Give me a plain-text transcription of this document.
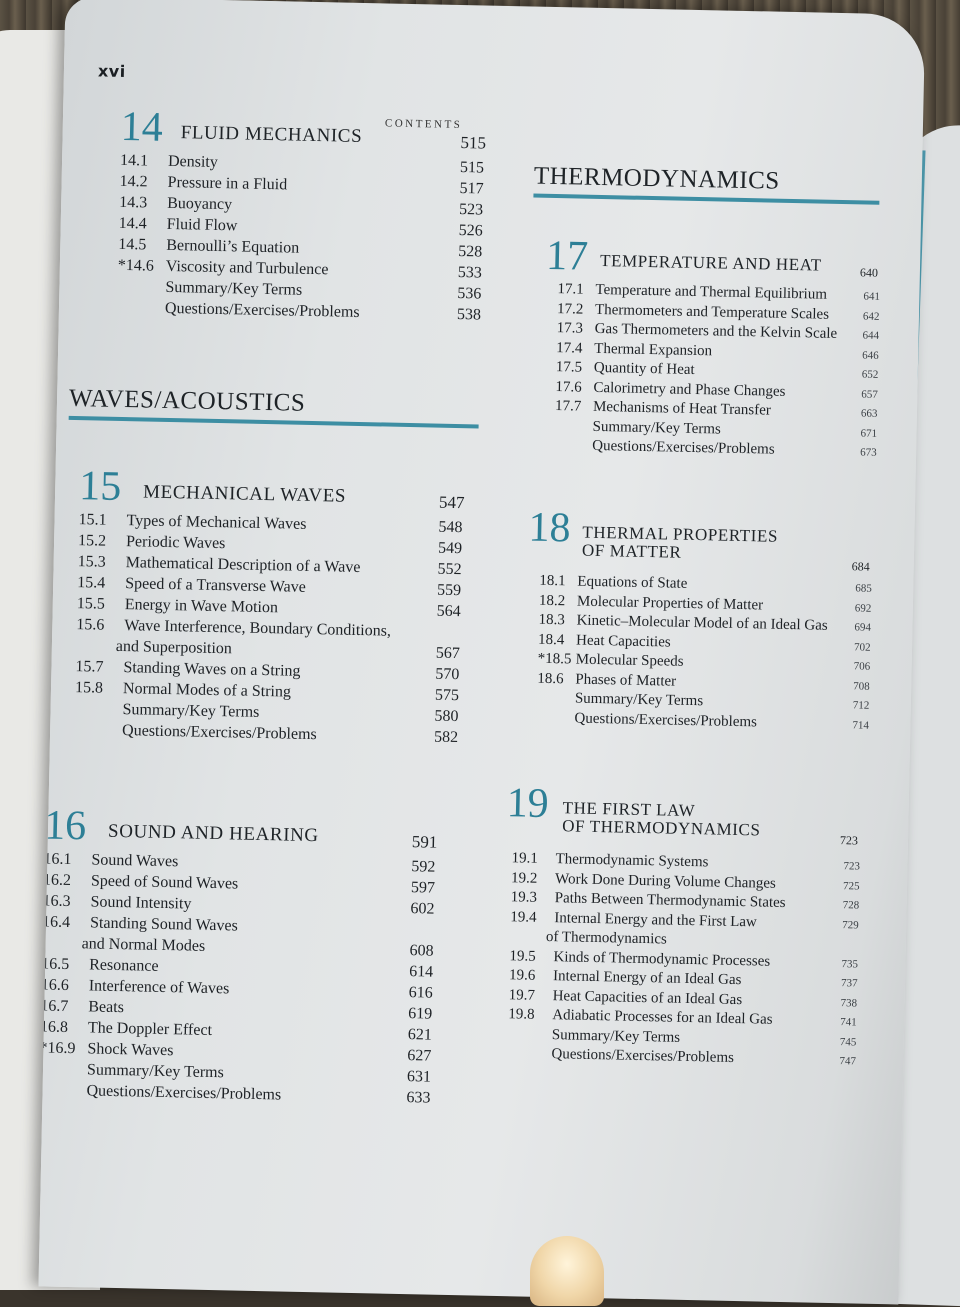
xvi
CONTENTS
14 FLUID MECHANICS	515
14.1 Density	515
14.2 Pressure in a Fluid	517
14.3 Buoyancy	523
14.4 Fluid Flow	526
14.5 Bernoulli’s Equation	528
*14.6 Viscosity and Turbulence	533
Summary/Key Terms	536
Questions/Exercises/Problems	538
WAVES/ACOUSTICS
15 MECHANICAL WAVES	547
15.1 Types of Mechanical Waves	548
15.2 Periodic Waves	549
15.3 Mathematical Description of a Wave	552
15.4 Speed of a Transverse Wave	559
15.5 Energy in Wave Motion	564
15.6 Wave Interference, Boundary Conditions,
and Superposition	567
15.7 Standing Waves on a String	570
15.8 Normal Modes of a String	575
Summary/Key Terms	580
Questions/Exercises/Problems	582
16 SOUND AND HEARING	591
16.1 Sound Waves	592
16.2 Speed of Sound Waves	597
16.3 Sound Intensity	602
16.4 Standing Sound Waves
and Normal Modes	608
16.5 Resonance	614
16.6 Interference of Waves	616
16.7 Beats	619
16.8 The Doppler Effect	621
*16.9 Shock Waves	627
Summary/Key Terms	631
Questions/Exercises/Problems	633
THERMODYNAMICS
17 TEMPERATURE AND HEAT	640
17.1 Temperature and Thermal Equilibrium	641
17.2 Thermometers and Temperature Scales	642
17.3 Gas Thermometers and the Kelvin Scale 644
17.4 Thermal Expansion	646
17.5 Quantity of Heat	652
17.6 Calorimetry and Phase Changes	657
17.7 Mechanisms of Heat Transfer	663
Summary/Key Terms	671
Questions/Exercises/Problems	673
18 THERMAL PROPERTIES
OF MATTER
684
18.1 Equations of State	685
18.2 Molecular Properties of Matter	692
18.3 Kinetic–Molecular Model of an Ideal Gas 694
18.4 Heat Capacities	702
*18.5 Molecular Speeds	706
18.6 Phases of Matter	708
Summary/Key Terms	712
Questions/Exercises/Problems	714
19 THE FIRST LAW
OF THERMODYNAMICS
723
19.1 Thermodynamic Systems	723
19.2 Work Done During Volume Changes	725
19.3 Paths Between Thermodynamic States	728
19.4 Internal Energy and the First Law
of Thermodynamics
729
19.5 Kinds of Thermodynamic Processes	735
19.6 Internal Energy of an Ideal Gas	737
19.7 Heat Capacities of an Ideal Gas	738
19.8 Adiabatic Processes for an Ideal Gas	741
Summary/Key Terms	745
Questions/Exercises/Problems	747
